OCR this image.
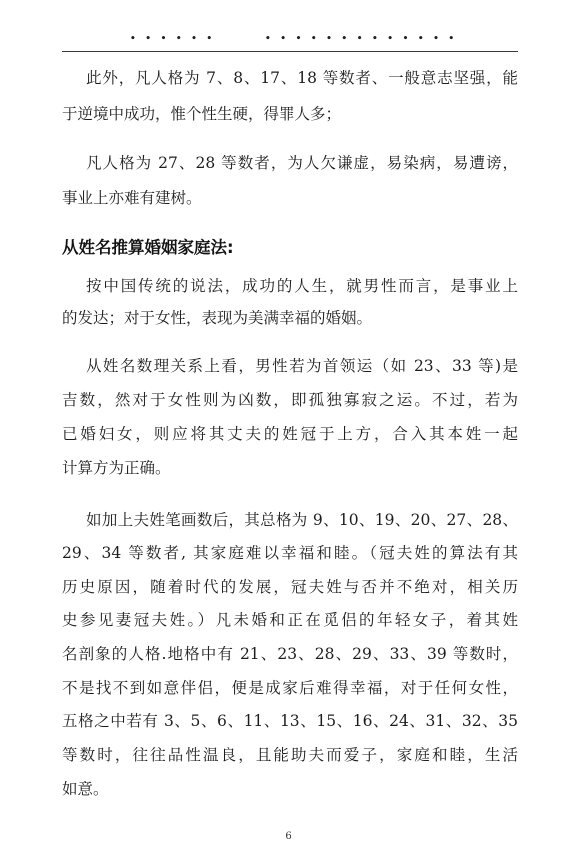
• • • • • •	• • • • • • • • • • • • •
此外，凡人格为 7、8、17、18 等数者、一般意志坚强，能
于逆境中成功，惟个性生硬，得罪人多；
凡人格为 27、28 等数者，为人欠谦虚，易染病，易遭谤，
事业上亦难有建树。
从姓名推算婚姻家庭法:
按中国传统的说法，成功的人生，就男性而言，是事业上
的发达；对于女性，表现为美满幸福的婚姻。
从姓名数理关系上看，男性若为首领运（如 23、33 等)是
吉数，然对于女性则为凶数，即孤独寡寂之运。不过，若为
已婚妇女，则应将其丈夫的姓冠于上方，合入其本姓一起
计算方为正确。
如加上夫姓笔画数后，其总格为 9、10、19、20、27、28、
29、34 等数者, 其家庭难以幸福和睦。（冠夫姓的算法有其
历史原因，随着时代的发展，冠夫姓与否并不绝对，相关历
史参见妻冠夫姓。）凡未婚和正在觅侣的年轻女子，着其姓
名剖象的人格.地格中有 21、23、28、29、33、39 等数时，
不是找不到如意伴侣，便是成家后难得幸福，对于任何女性，
五格之中若有 3、5、6、11、13、15、16、24、31、32、35
等数时，往往品性温良，且能助夫而爱子，家庭和睦，生活
如意。
6
